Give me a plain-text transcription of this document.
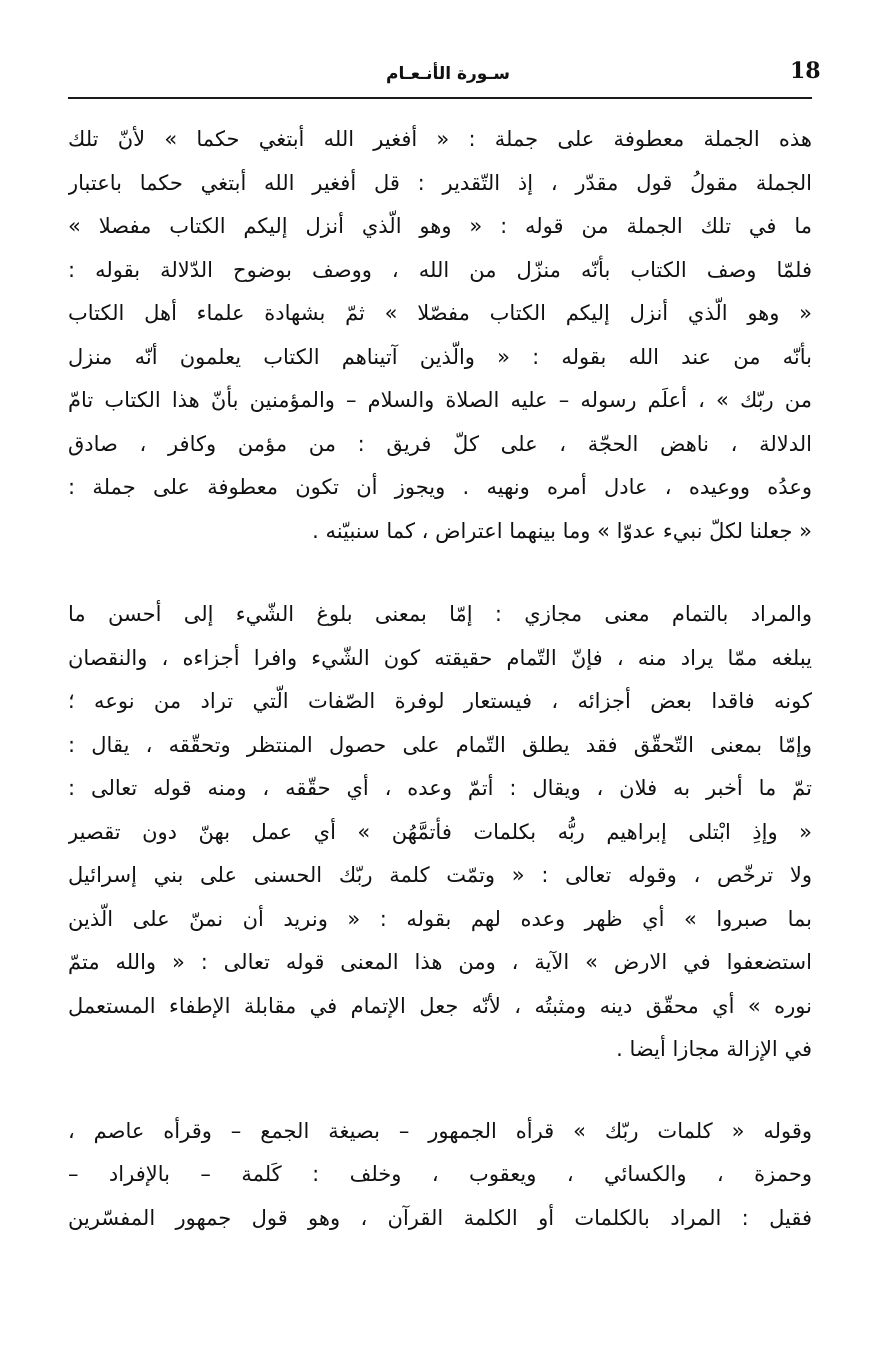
18
سـورة الأنـعـام
هذه الجملة معطوفة على جملة : « أفغير الله أبتغي حكما » لأنّ تلك
الجملة مقولُ قول مقدّر ، إذ التّقدير : قل أفغير الله أبتغي حكما باعتبار
ما في تلك الجملة من قوله : « وهو الّذي أنزل إليكم الكتاب مفصلا »
فلمّا وصف الكتاب بأنّه منزّل من الله ، ووصف بوضوح الدّلالة بقوله :
« وهو الّذي أنزل إليكم الكتاب مفصّلا » ثمّ بشهادة علماء أهل الكتاب
بأنّه من عند الله بقوله : « والّذين آتيناهم الكتاب يعلمون أنّه منزل
من ربّك » ، أعلَم رسوله – عليه الصلاة والسلام – والمؤمنين بأنّ هذا الكتاب تامّ
الدلالة ، ناهض الحجّة ، على كلّ فريق : من مؤمن وكافر ، صادق
وعدُه ووعيده ، عادل أمره ونهيه . ويجوز أن تكون معطوفة على جملة :
« جعلنا لكلّ نبيء عدوّا » وما بينهما اعتراض ، كما سنبيّنه .
والمراد بالتمام معنى مجازي : إمّا بمعنى بلوغ الشّيء إلى أحسن ما
يبلغه ممّا يراد منه ، فإنّ التّمام حقيقته كون الشّيء وافرا أجزاءه ، والنقصان
كونه فاقدا بعض أجزائه ، فيستعار لوفرة الصّفات الّتي تراد من نوعه ؛
وإمّا بمعنى التّحقّق فقد يطلق التّمام على حصول المنتظر وتحقّقه ، يقال :
تمّ ما أخبر به فلان ، ويقال : أتمّ وعده ، أي حقّقه ، ومنه قوله تعالى :
« وإذِ ابْتلى إبراهيم ربُّه بكلمات فأتمَّهُن » أي عمل بهنّ دون تقصير
ولا ترخّص ، وقوله تعالى : « وتمّت كلمة ربّك الحسنى على بني إسرائيل
بما صبروا » أي ظهر وعده لهم بقوله : « ونريد أن نمنّ على الّذين
استضعفوا في الارض » الآية ، ومن هذا المعنى قوله تعالى : « والله متمّ
نوره » أي محقّق دينه ومثبتُه ، لأنّه جعل الإتمام في مقابلة الإطفاء المستعمل
في الإزالة مجازا أيضا .
وقوله « كلمات ربّك » قرأه الجمهور – بصيغة الجمع – وقرأه عاصم ،
وحمزة ، والكسائي ، ويعقوب ، وخلف : كَلمة – بالإفراد –
فقيل : المراد بالكلمات أو الكلمة القرآن ، وهو قول جمهور المفسّرين
